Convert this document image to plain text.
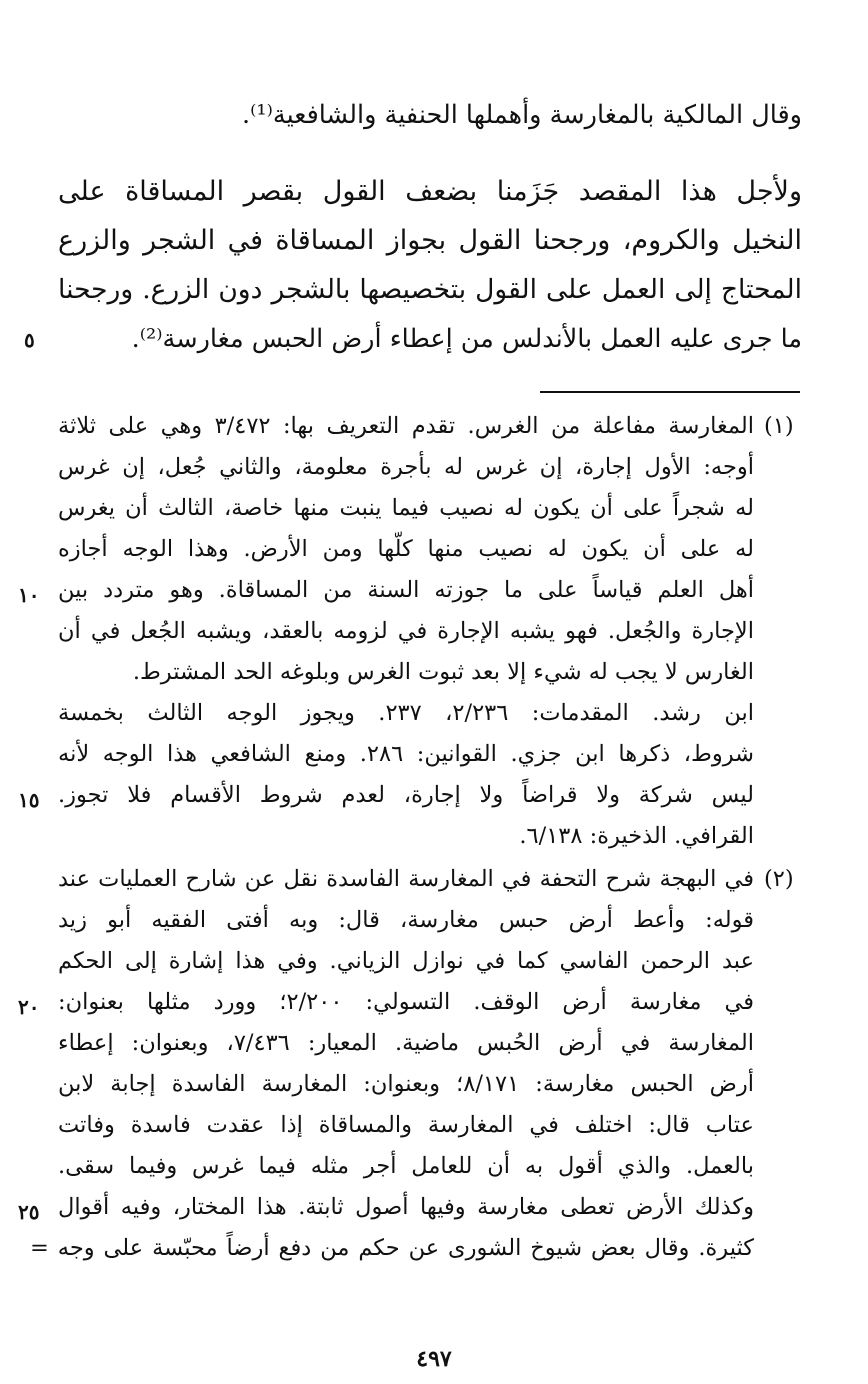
وقال المالكية بالمغارسة وأهملها الحنفية والشافعية⁽¹⁾.
ولأجل هذا المقصد جَزَمنا بضعف القول بقصر المساقاة على
النخيل والكروم، ورجحنا القول بجواز المساقاة في الشجر والزرع
المحتاج إلى العمل على القول بتخصيصها بالشجر دون الزرع. ورجحنا
ما جرى عليه العمل بالأندلس من إعطاء أرض الحبس مغارسة⁽²⁾.
٥
(١)
المغارسة مفاعلة من الغرس. تقدم التعريف بها: ٣/٤٧٢ وهي على ثلاثة
أوجه: الأول إجارة، إن غرس له بأجرة معلومة، والثاني جُعل، إن غرس
له شجراً على أن يكون له نصيب فيما ينبت منها خاصة، الثالث أن يغرس
له على أن يكون له نصيب منها كلّها ومن الأرض. وهذا الوجه أجازه
أهل العلم قياساً على ما جوزته السنة من المساقاة. وهو متردد بين
الإجارة والجُعل. فهو يشبه الإجارة في لزومه بالعقد، ويشبه الجُعل في أن
الغارس لا يجب له شيء إلا بعد ثبوت الغرس وبلوغه الحد المشترط.
ابن رشد. المقدمات: ٢/٢٣٦، ٢٣٧. ويجوز الوجه الثالث بخمسة
شروط، ذكرها ابن جزي. القوانين: ٢٨٦. ومنع الشافعي هذا الوجه لأنه
ليس شركة ولا قراضاً ولا إجارة، لعدم شروط الأقسام فلا تجوز.
القرافي. الذخيرة: ٦/١٣٨.
١٠
١٥
(٢)
في البهجة شرح التحفة في المغارسة الفاسدة نقل عن شارح العمليات عند
قوله: وأعط أرض حبس مغارسة، قال: وبه أفتى الفقيه أبو زيد
عبد الرحمن الفاسي كما في نوازل الزياني. وفي هذا إشارة إلى الحكم
في مغارسة أرض الوقف. التسولي: ٢/٢٠٠؛ وورد مثلها بعنوان:
المغارسة في أرض الحُبس ماضية. المعيار: ٧/٤٣٦، وبعنوان: إعطاء
أرض الحبس مغارسة: ٨/١٧١؛ وبعنوان: المغارسة الفاسدة إجابة لابن
عتاب قال: اختلف في المغارسة والمساقاة إذا عقدت فاسدة وفاتت
بالعمل. والذي أقول به أن للعامل أجر مثله فيما غرس وفيما سقى.
وكذلك الأرض تعطى مغارسة وفيها أصول ثابتة. هذا المختار، وفيه أقوال
كثيرة. وقال بعض شيوخ الشورى عن حكم من دفع أرضاً محبّسة على وجه =
٢٠
٢٥
٤٩٧
